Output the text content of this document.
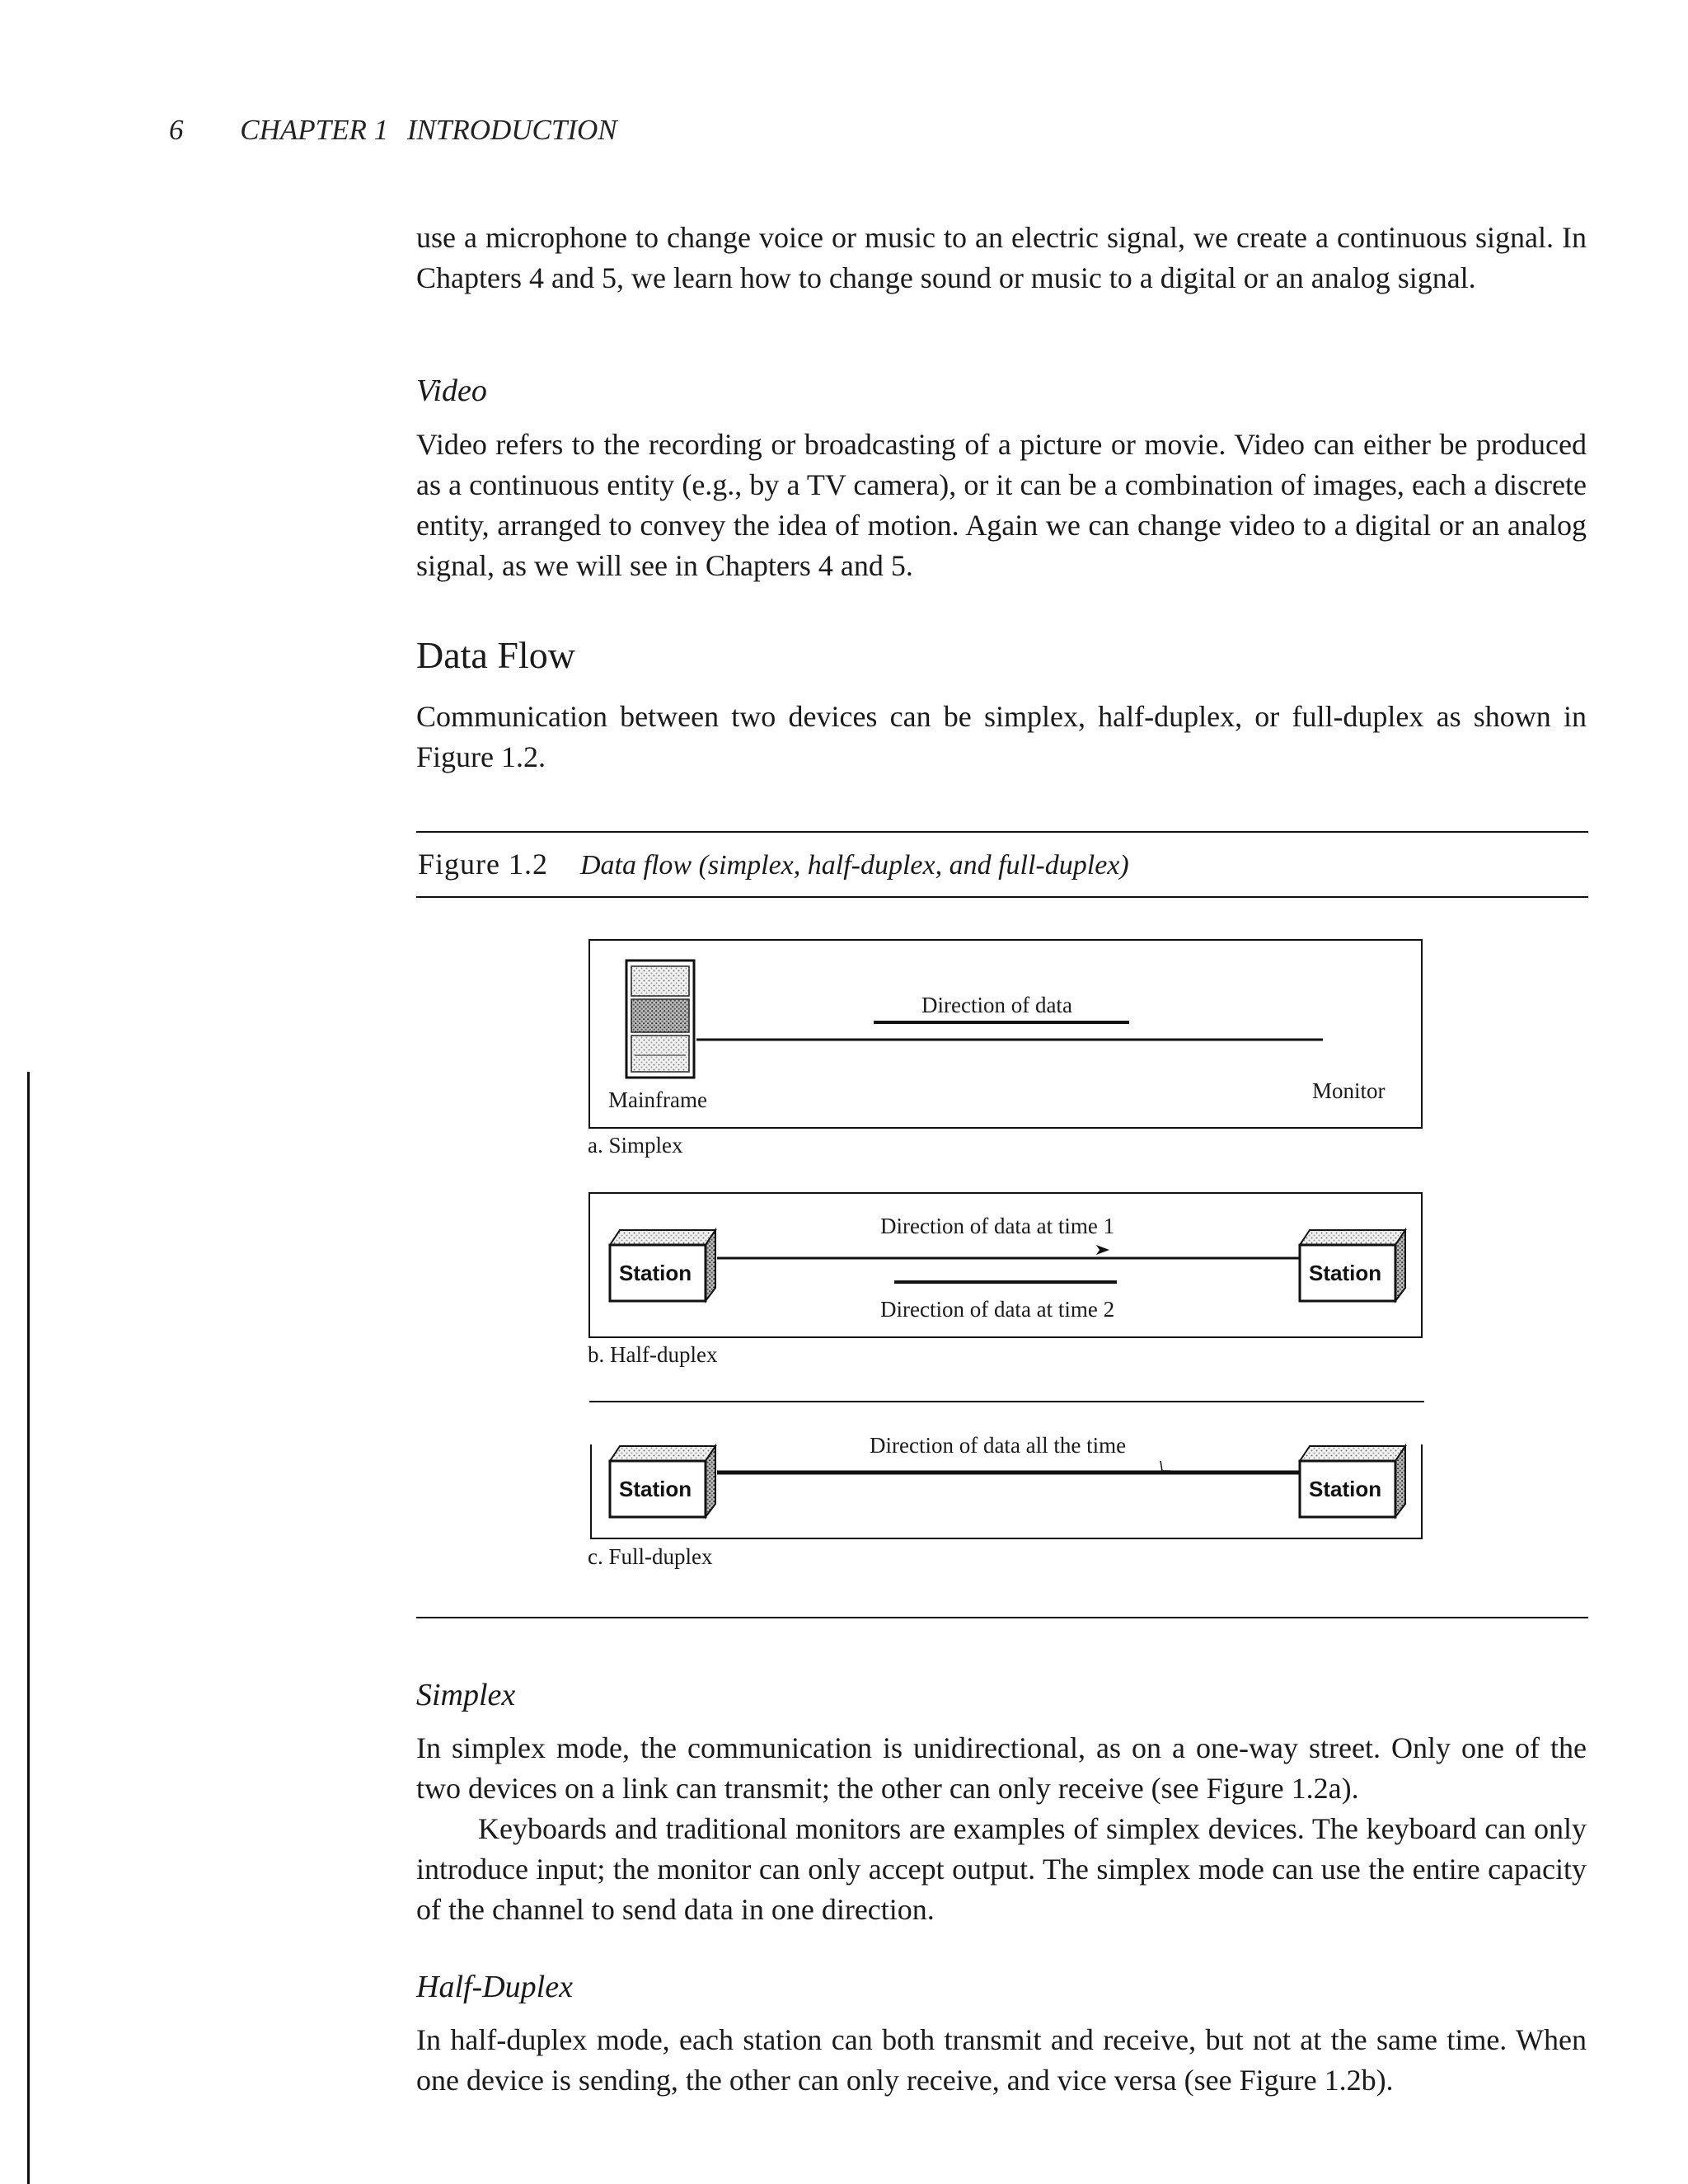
6 CHAPTER 1 INTRODUCTION

use a microphone to change voice or music to an electric signal, we create a continuous signal. In Chapters 4 and 5, we learn how to change sound or music to a digital or an analog signal.

Video

Video refers to the recording or broadcasting of a picture or movie. Video can either be produced as a continuous entity (e.g., by a TV camera), or it can be a combination of images, each a discrete entity, arranged to convey the idea of motion. Again we can change video to a digital or an analog signal, as we will see in Chapters 4 and 5.

Data Flow

Communication between two devices can be simplex, half-duplex, or full-duplex as shown in Figure 1.2.

Figure 1.2 Data flow (simplex, half-duplex, and full-duplex)
Direction of data
Mainframe	Monitor
a. Simplex
Station	Station
Direction of data at time 1
Direction of data at time 2
b. Half-duplex
Station	Station
Direction of data all the time
c. Full-duplex

Simplex

In simplex mode, the communication is unidirectional, as on a one-way street. Only one of the two devices on a link can transmit; the other can only receive (see Figure 1.2a).

Keyboards and traditional monitors are examples of simplex devices. The keyboard can only introduce input; the monitor can only accept output. The simplex mode can use the entire capacity of the channel to send data in one direction.

Half-Duplex

In half-duplex mode, each station can both transmit and receive, but not at the same time. When one device is sending, the other can only receive, and vice versa (see Figure 1.2b).
